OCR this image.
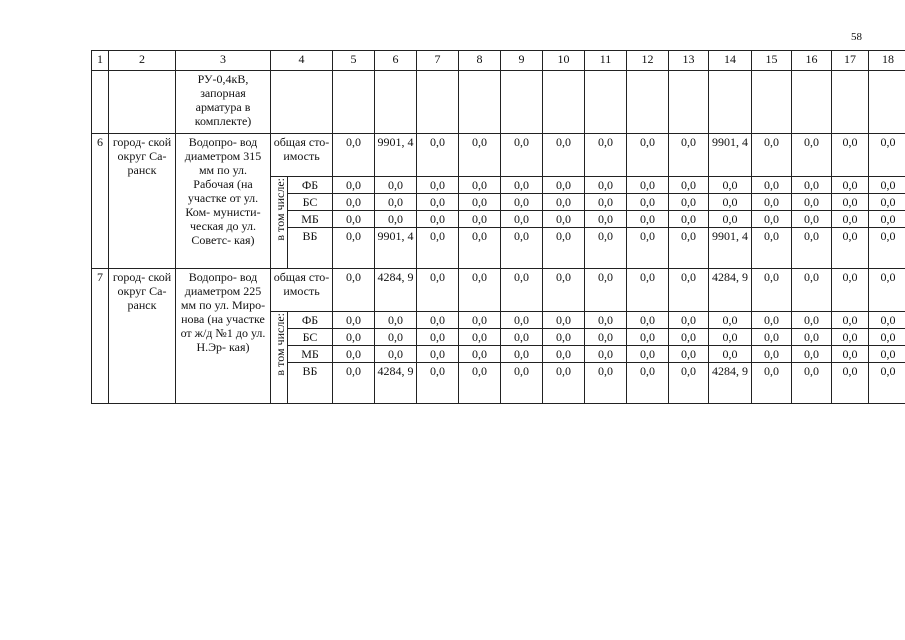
58
1	2	3	4		5	6	7	8	9	10	11	12	13	14	15	16	17	18
		РУ-0,4кВ, запорная арматура в комплекте)																
6	город- ской округ Са- ранск	Водопро- вод диаметром 315 мм по ул. Рабочая (на участке от ул. Ком- мунисти- ческая до ул. Советс- кая)	общая сто- имость		0,0	9901, 4	0,0	0,0	0,0	0,0	0,0	0,0	0,0	9901, 4	0,0	0,0	0,0	0,0

			в том числе:	ФБ	0,0	0,0	0,0	0,0	0,0	0,0	0,0	0,0	0,0	0,0	0,0	0,0	0,0	0,0
				БС	0,0	0,0	0,0	0,0	0,0	0,0	0,0	0,0	0,0	0,0	0,0	0,0	0,0	0,0
				МБ	0,0	0,0	0,0	0,0	0,0	0,0	0,0	0,0	0,0	0,0	0,0	0,0	0,0	0,0
				ВБ	0,0	9901, 4	0,0	0,0	0,0	0,0	0,0	0,0	0,0	9901, 4	0,0	0,0	0,0	0,0
7	город- ской округ Са- ранск	Водопро- вод диаметром 225 мм по ул. Миро- нова (на участке от ж/д №1 до ул. Н.Эр- кая)	общая сто- имость		0,0	4284, 9	0,0	0,0	0,0	0,0	0,0	0,0	0,0	4284, 9	0,0	0,0	0,0	0,0

			в том числе:	ФБ	0,0	0,0	0,0	0,0	0,0	0,0	0,0	0,0	0,0	0,0	0,0	0,0	0,0	0,0
				БС	0,0	0,0	0,0	0,0	0,0	0,0	0,0	0,0	0,0	0,0	0,0	0,0	0,0	0,0
				МБ	0,0	0,0	0,0	0,0	0,0	0,0	0,0	0,0	0,0	0,0	0,0	0,0	0,0	0,0
				ВБ	0,0	4284, 9	0,0	0,0	0,0	0,0	0,0	0,0	0,0	4284, 9	0,0	0,0	0,0	0,0
